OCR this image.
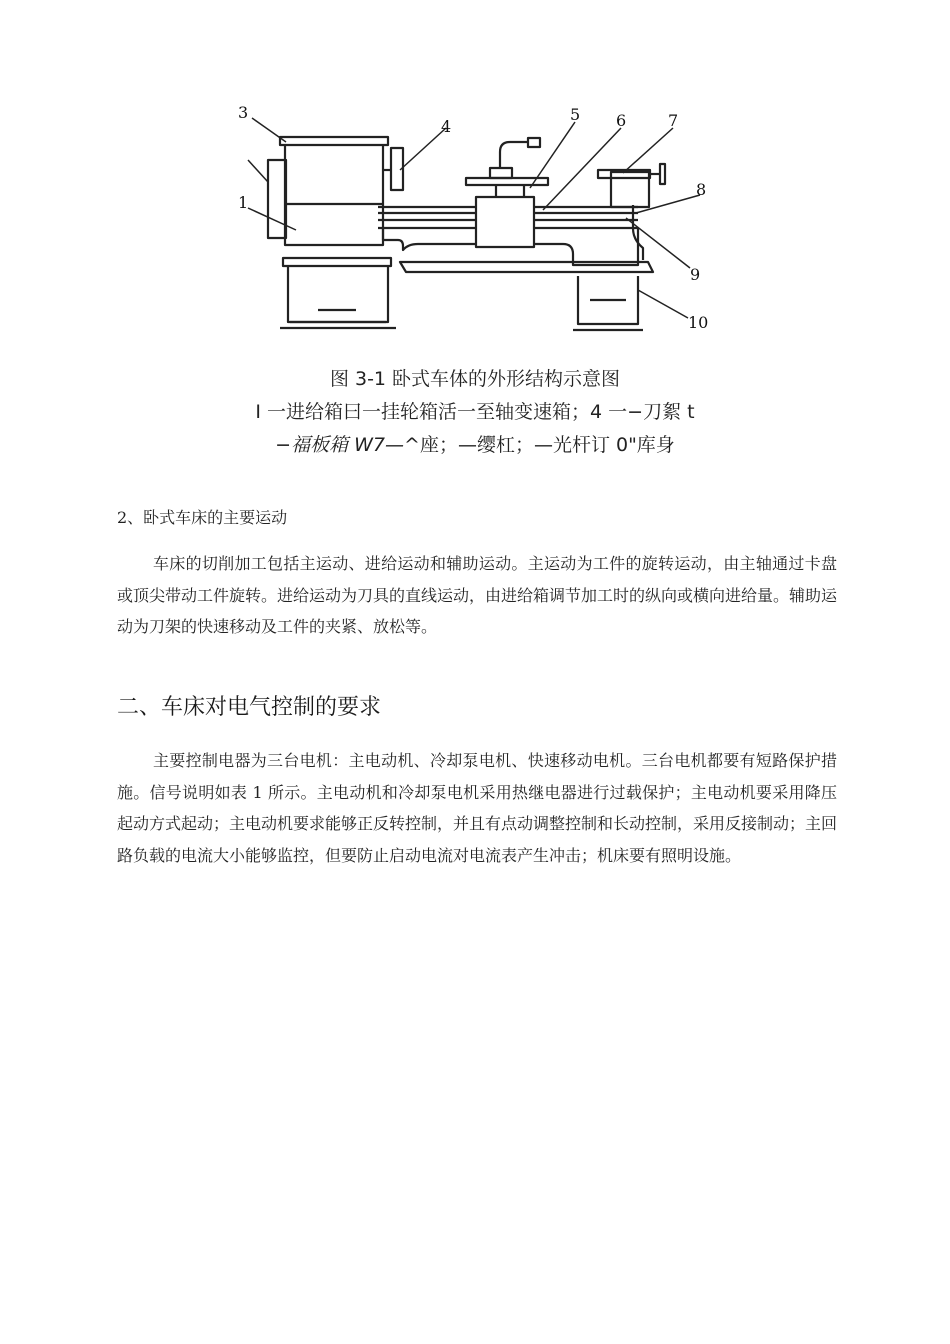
3
1
4
5 6	7
8
9
10
图 3-1 卧式车体的外形结构示意图
I 一进给箱曰一挂轮箱活一至轴变速箱；4 一−刀絮 t
−福板箱 W7—^座；—缨杠；—光杆订 0"库身
2、卧式车床的主要运动

车床的切削加工包括主运动、进给运动和辅助运动。主运动为工件的旋转运动，由主轴通过卡盘或顶尖带动工件旋转。进给运动为刀具的直线运动，由进给箱调节加工时的纵向或横向进给量。辅助运动为刀架的快速移动及工件的夹紧、放松等。

二、车床对电气控制的要求

主要控制电器为三台电机：主电动机、冷却泵电机、快速移动电机。三台电机都要有短路保护措施。信号说明如表 1 所示。主电动机和冷却泵电机采用热继电器进行过载保护；主电动机要采用降压起动方式起动；主电动机要求能够正反转控制，并且有点动调整控制和长动控制，采用反接制动；主回路负载的电流大小能够监控，但要防止启动电流对电流表产生冲击；机床要有照明设施。
